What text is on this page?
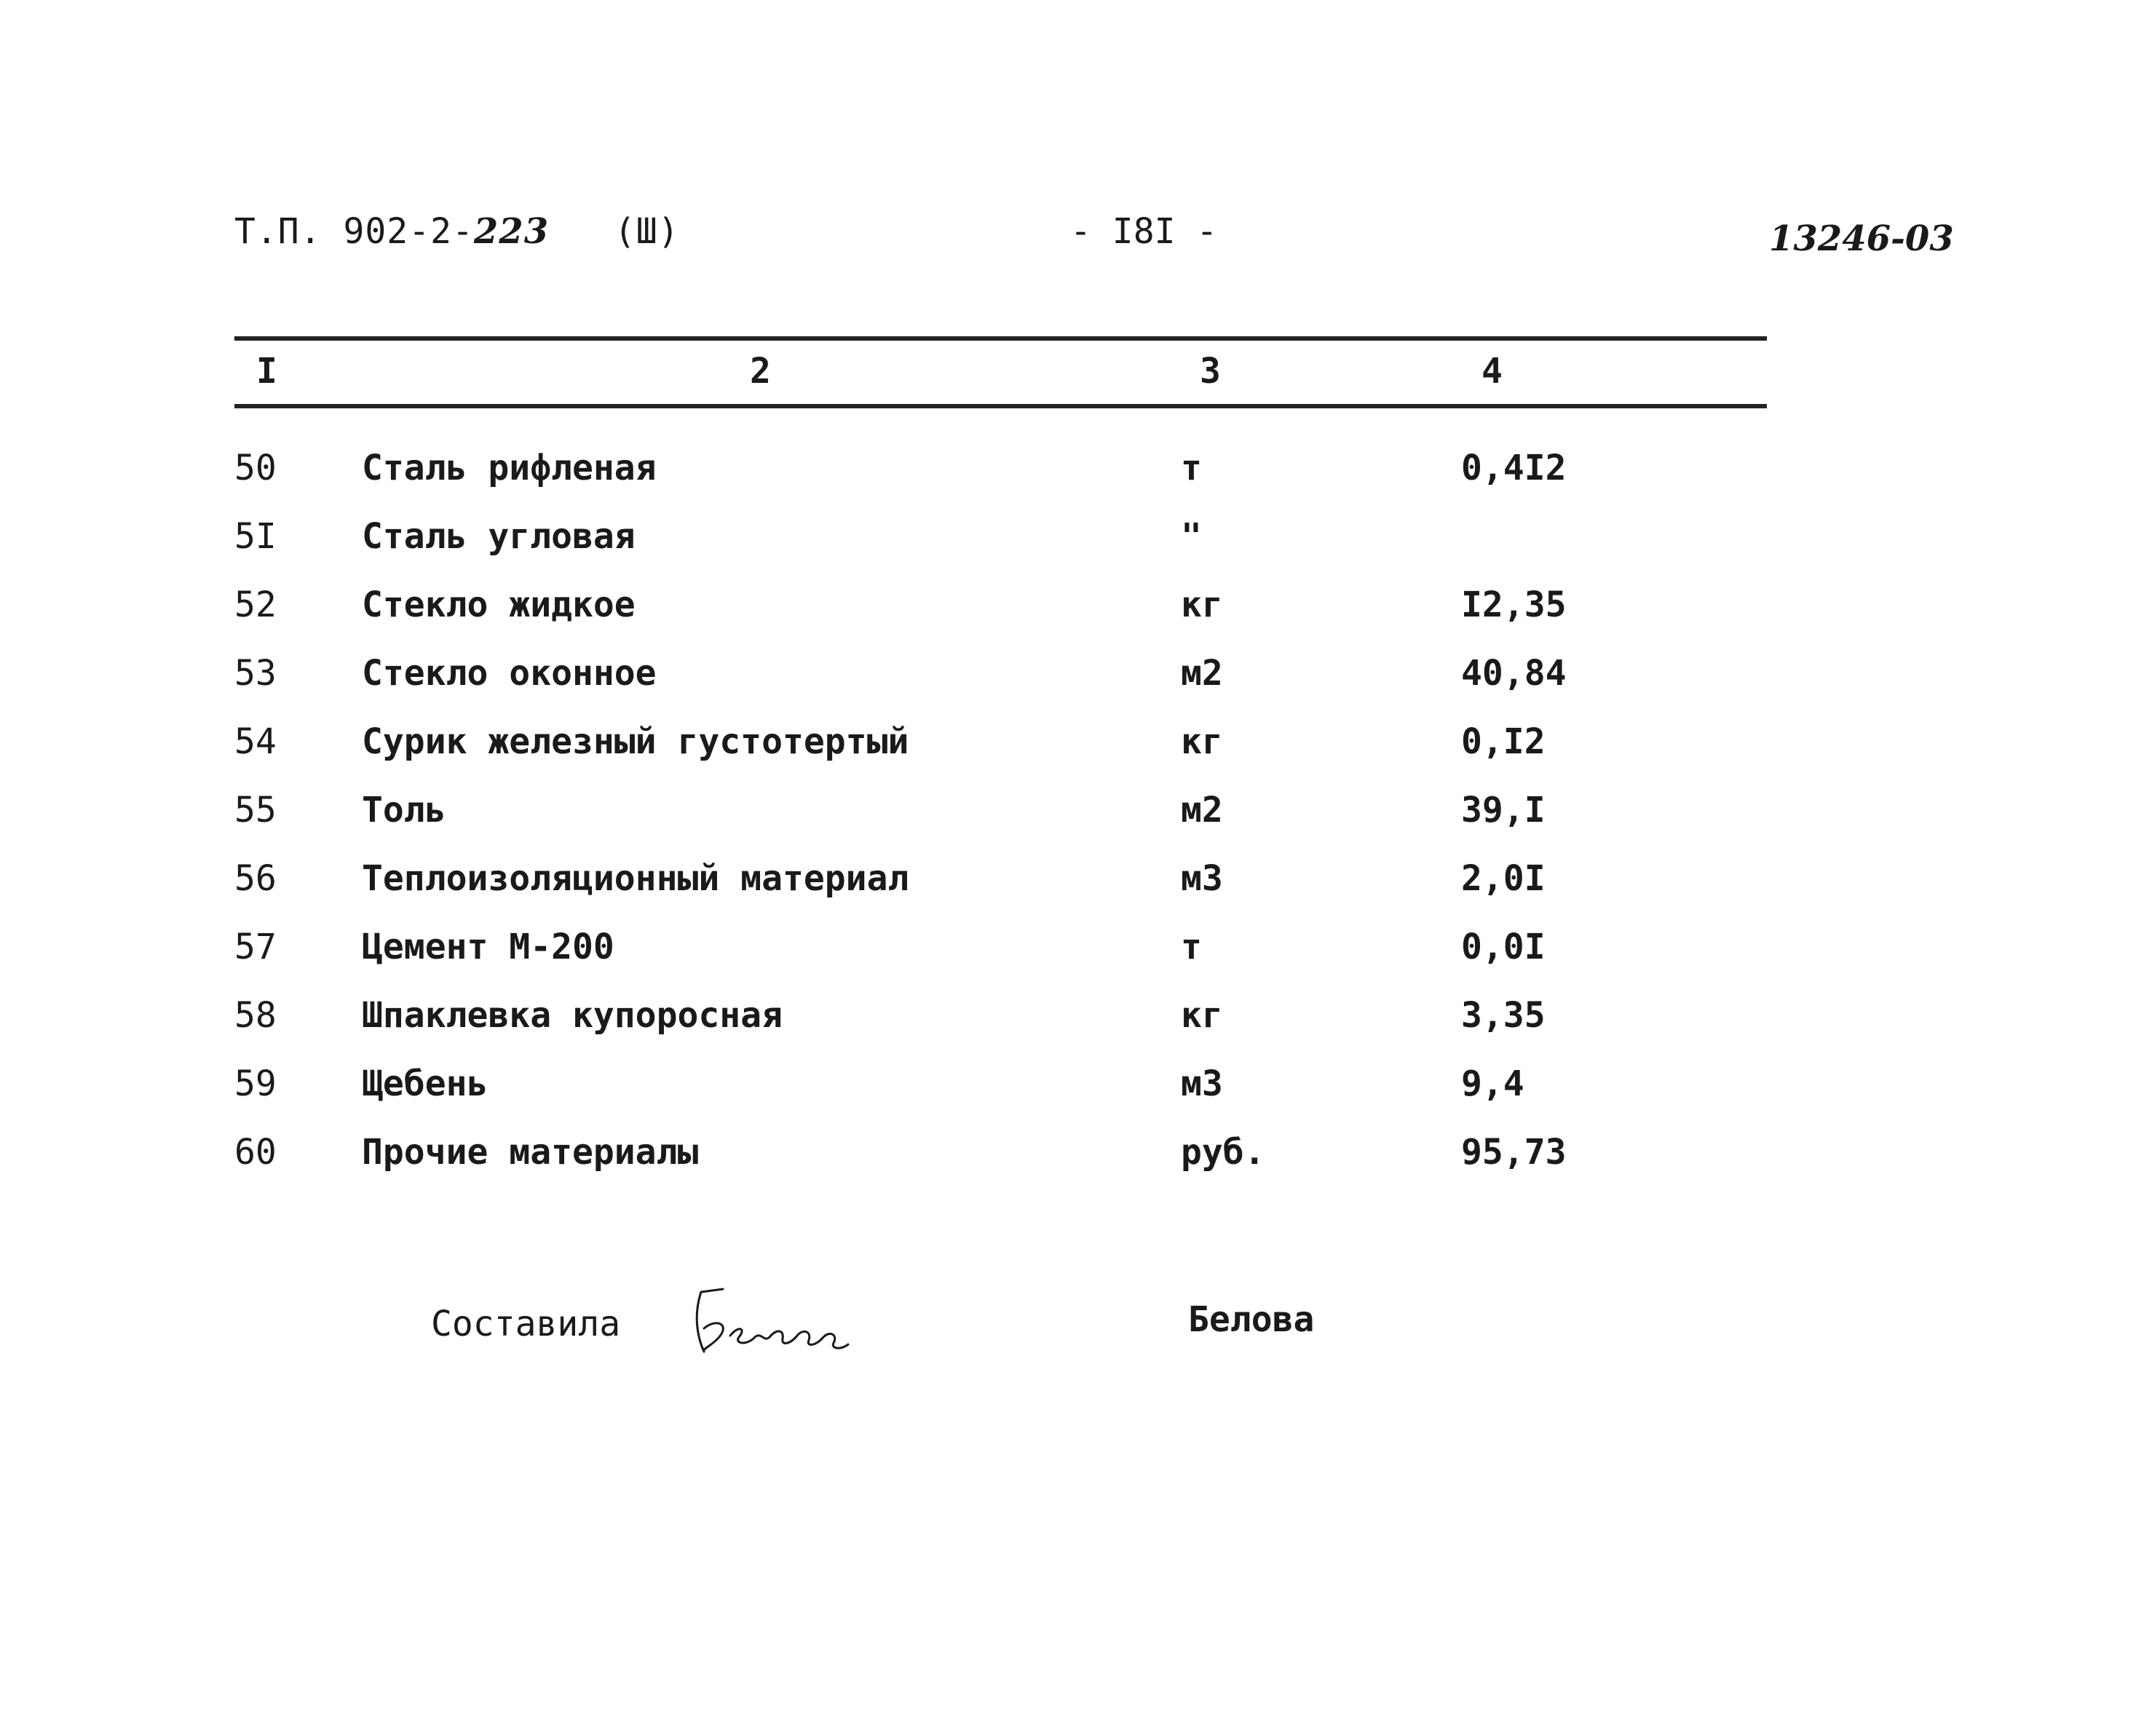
Т.П. 902-2-223 (Ш)	- I8I -	13246-03
I	2	3	4
50 Сталь рифленая	т	0,4I2
5I Сталь угловая	"
52 Стекло жидкое	кг	I2,35
53 Стекло оконное	м2	40,84
54 Сурик железный густотертый	кг	0,I2
55 Толь	м2	39,I
56 Теплоизоляционный материал	м3	2,0I
57 Цемент М-200	т	0,0I
58 Шпаклевка купоросная	кг	3,35
59 Щебень	м3	9,4
60 Прочие материалы	руб.	95,73
Составила	Белова
